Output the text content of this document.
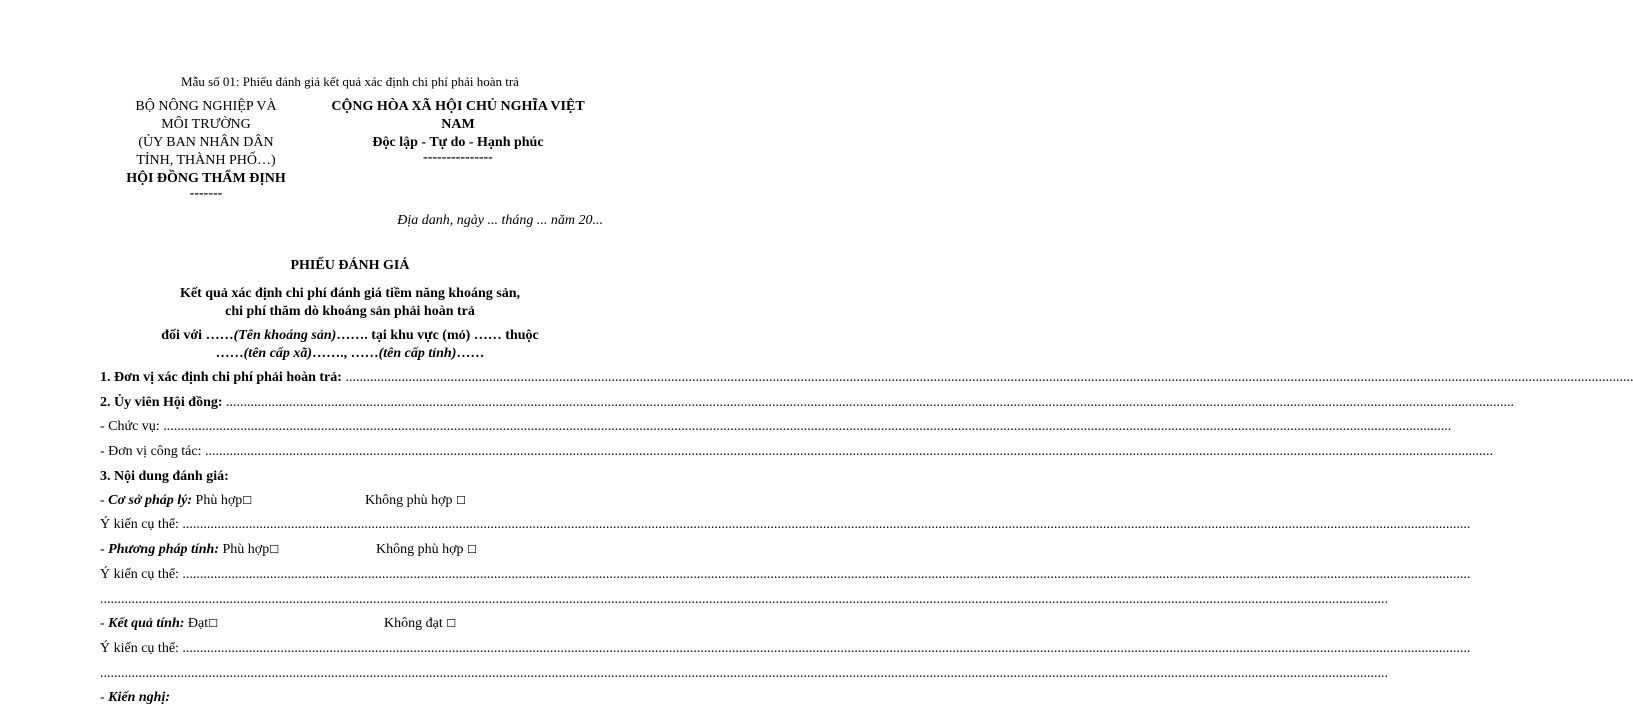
Mẫu số 01: Phiếu đánh giá kết quả xác định chi phí phải hoàn trả
BỘ NÔNG NGHIỆP VÀ
MÔI TRƯỜNG
(ỦY BAN NHÂN DÂN
TỈNH, THÀNH PHỐ…)
HỘI ĐỒNG THẨM ĐỊNH
-------
CỘNG HÒA XÃ HỘI CHỦ NGHĨA VIỆT
NAM
Độc lập - Tự do - Hạnh phúc
---------------
Địa danh, ngày ... tháng ... năm 20...
PHIẾU ĐÁNH GIÁ
Kết quả xác định chi phí đánh giá tiềm năng khoáng sản,
chi phí thăm dò khoáng sản phải hoàn trả
đối với ……(Tên khoáng sản)……. tại khu vực (mỏ) …… thuộc
……(tên cấp xã)……., ……(tên cấp tỉnh)……
1. Đơn vị xác định chi phí phải hoàn trả: ................................................................................................................................................................................................................................................................................................................................................................................
2. Ủy viên Hội đồng: ................................................................................................................................................................................................................................................................................................................................................................................
- Chức vụ: ................................................................................................................................................................................................................................................................................................................................................................................
- Đơn vị công tác: ................................................................................................................................................................................................................................................................................................................................................................................
3. Nội dung đánh giá:
- Cơ sở pháp lý: Phù hợp☐	Không phù hợp ☐
Ý kiến cụ thể: ................................................................................................................................................................................................................................................................................................................................................................................
- Phương pháp tính: Phù hợp☐	Không phù hợp ☐
Ý kiến cụ thể: ................................................................................................................................................................................................................................................................................................................................................................................
................................................................................................................................................................................................................................................................................................................................................................................
- Kết quả tính: Đạt☐	Không đạt ☐
Ý kiến cụ thể: ................................................................................................................................................................................................................................................................................................................................................................................
................................................................................................................................................................................................................................................................................................................................................................................
- Kiến nghị:
